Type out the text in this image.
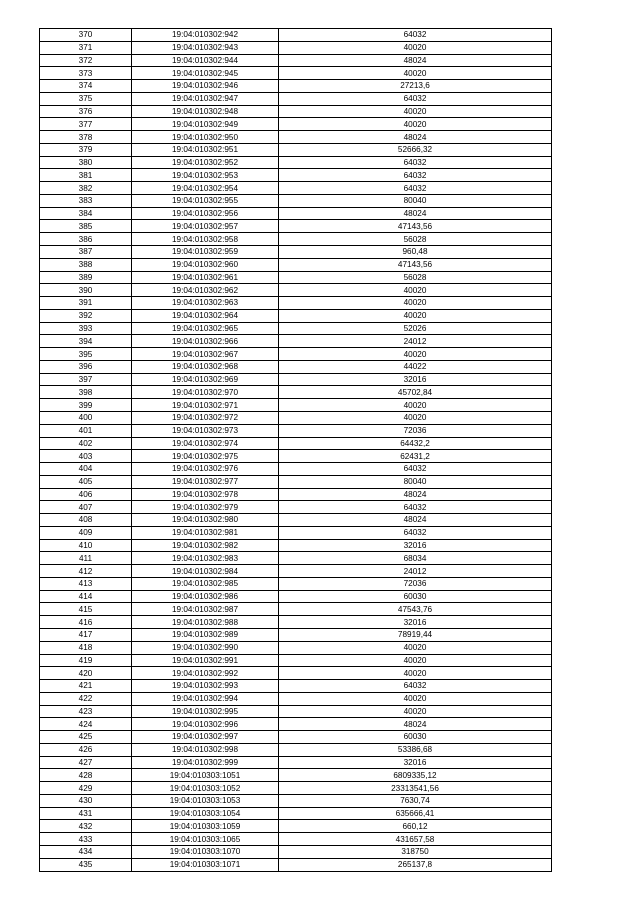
370	19:04:010302:942	64032
371	19:04:010302:943	40020
372	19:04:010302:944	48024
373	19:04:010302:945	40020
374	19:04:010302:946	27213,6
375	19:04:010302:947	64032
376	19:04:010302:948	40020
377	19:04:010302:949	40020
378	19:04:010302:950	48024
379	19:04:010302:951	52666,32
380	19:04:010302:952	64032
381	19:04:010302:953	64032
382	19:04:010302:954	64032
383	19:04:010302:955	80040
384	19:04:010302:956	48024
385	19:04:010302:957	47143,56
386	19:04:010302:958	56028
387	19:04:010302:959	960,48
388	19:04:010302:960	47143,56
389	19:04:010302:961	56028
390	19:04:010302:962	40020
391	19:04:010302:963	40020
392	19:04:010302:964	40020
393	19:04:010302:965	52026
394	19:04:010302:966	24012
395	19:04:010302:967	40020
396	19:04:010302:968	44022
397	19:04:010302:969	32016
398	19:04:010302:970	45702,84
399	19:04:010302:971	40020
400	19:04:010302:972	40020
401	19:04:010302:973	72036
402	19:04:010302:974	64432,2
403	19:04:010302:975	62431,2
404	19:04:010302:976	64032
405	19:04:010302:977	80040
406	19:04:010302:978	48024
407	19:04:010302:979	64032
408	19:04:010302:980	48024
409	19:04:010302:981	64032
410	19:04:010302:982	32016
411	19:04:010302:983	68034
412	19:04:010302:984	24012
413	19:04:010302:985	72036
414	19:04:010302:986	60030
415	19:04:010302:987	47543,76
416	19:04:010302:988	32016
417	19:04:010302:989	78919,44
418	19:04:010302:990	40020
419	19:04:010302:991	40020
420	19:04:010302:992	40020
421	19:04:010302:993	64032
422	19:04:010302:994	40020
423	19:04:010302:995	40020
424	19:04:010302:996	48024
425	19:04:010302:997	60030
426	19:04:010302:998	53386,68
427	19:04:010302:999	32016
428	19:04:010303:1051	6809335,12
429	19:04:010303:1052	23313541,56
430	19:04:010303:1053	7630,74
431	19:04:010303:1054	635666,41
432	19:04:010303:1059	660,12
433	19:04:010303:1065	431657,58
434	19:04:010303:1070	318750
435	19:04:010303:1071	265137,8
